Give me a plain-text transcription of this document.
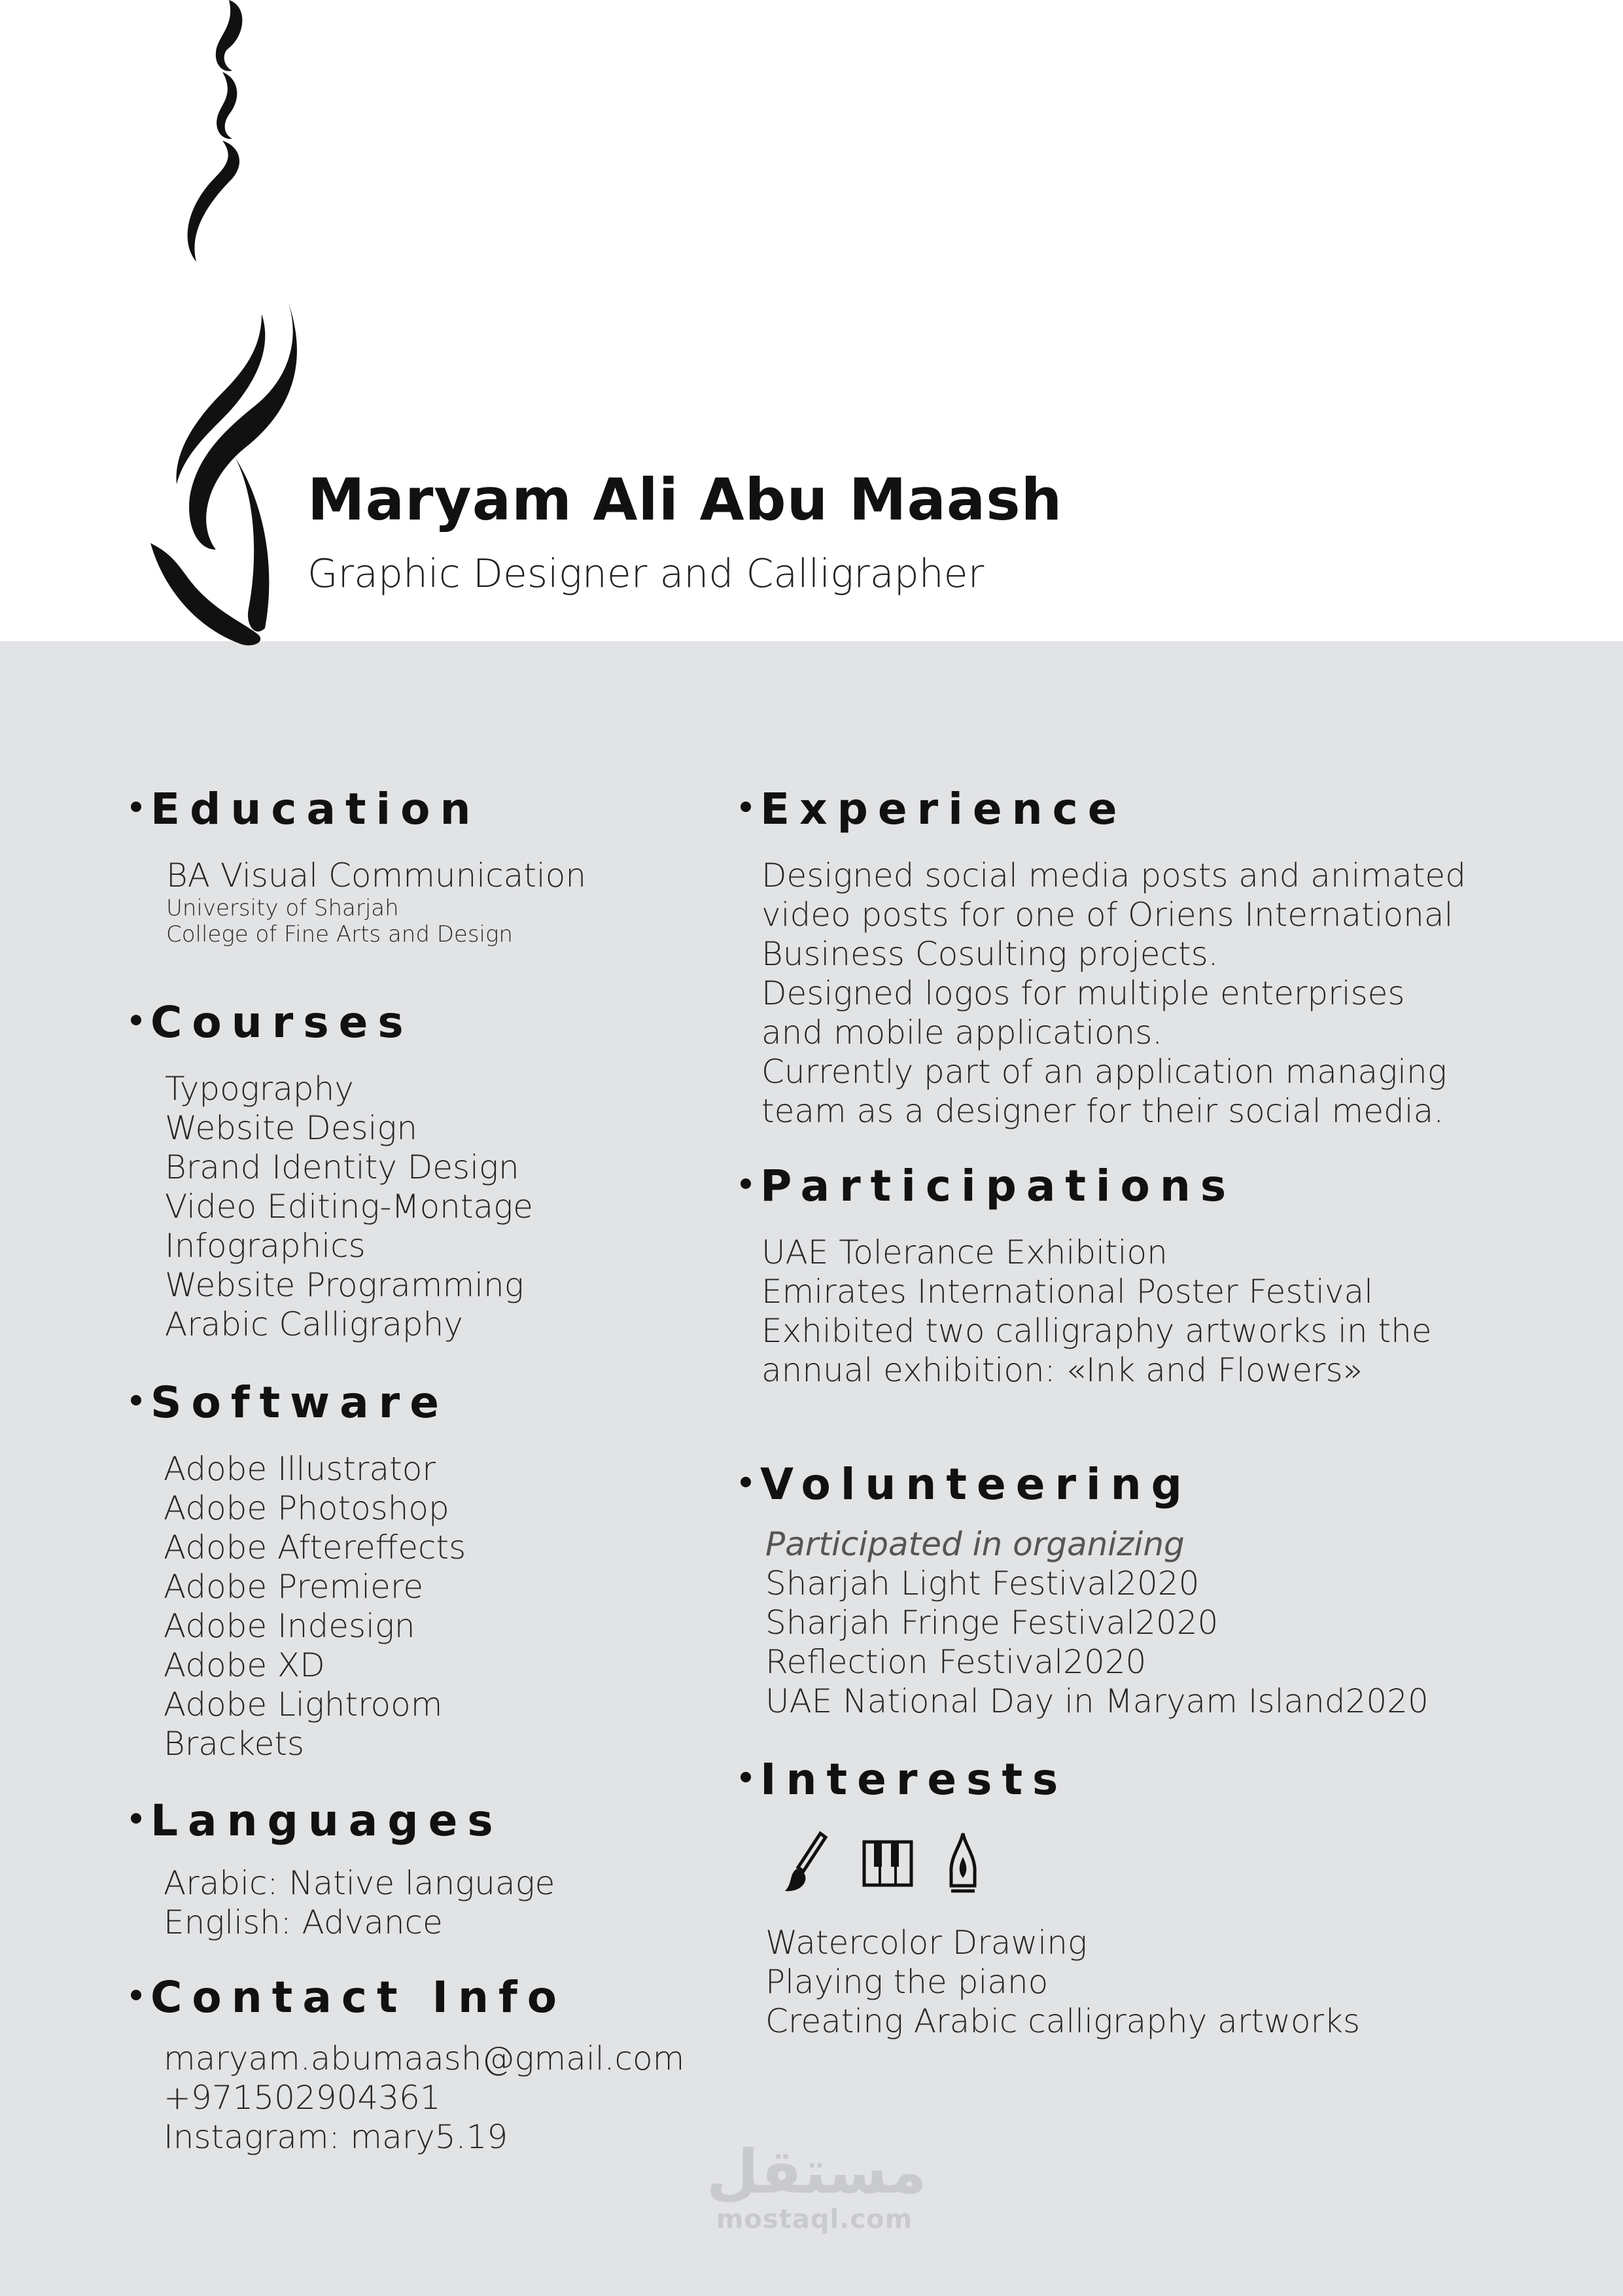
Maryam Ali Abu Maash
Graphic Designer and Calligrapher
Education
BA Visual Communication
University of Sharjah
College of Fine Arts and Design
Courses
Typography
Website Design
Brand Identity Design
Video Editing-Montage
Infographics
Website Programming
Arabic Calligraphy
Software
Adobe Illustrator
Adobe Photoshop
Adobe Aftereffects
Adobe Premiere
Adobe Indesign
Adobe XD
Adobe Lightroom
Brackets
Languages
Arabic: Native language
English: Advance
Contact Info
maryam.abumaash@gmail.com
+971502904361
Instagram: mary5.19
Experience
Designed social media posts and animated
video posts for one of Oriens International
Business Cosulting projects.
Designed logos for multiple enterprises
and mobile applications.
Currently part of an application managing
team as a designer for their social media.
Participations
UAE Tolerance Exhibition
Emirates International Poster Festival
Exhibited two calligraphy artworks in the
annual exhibition: «Ink and Flowers»
Volunteering
Participated in organizing
Sharjah Light Festival2020
Sharjah Fringe Festival2020
Reflection Festival2020
UAE National Day in Maryam Island2020
Interests
Watercolor Drawing
Playing the piano
Creating Arabic calligraphy artworks
مستقل
mostaql.com
